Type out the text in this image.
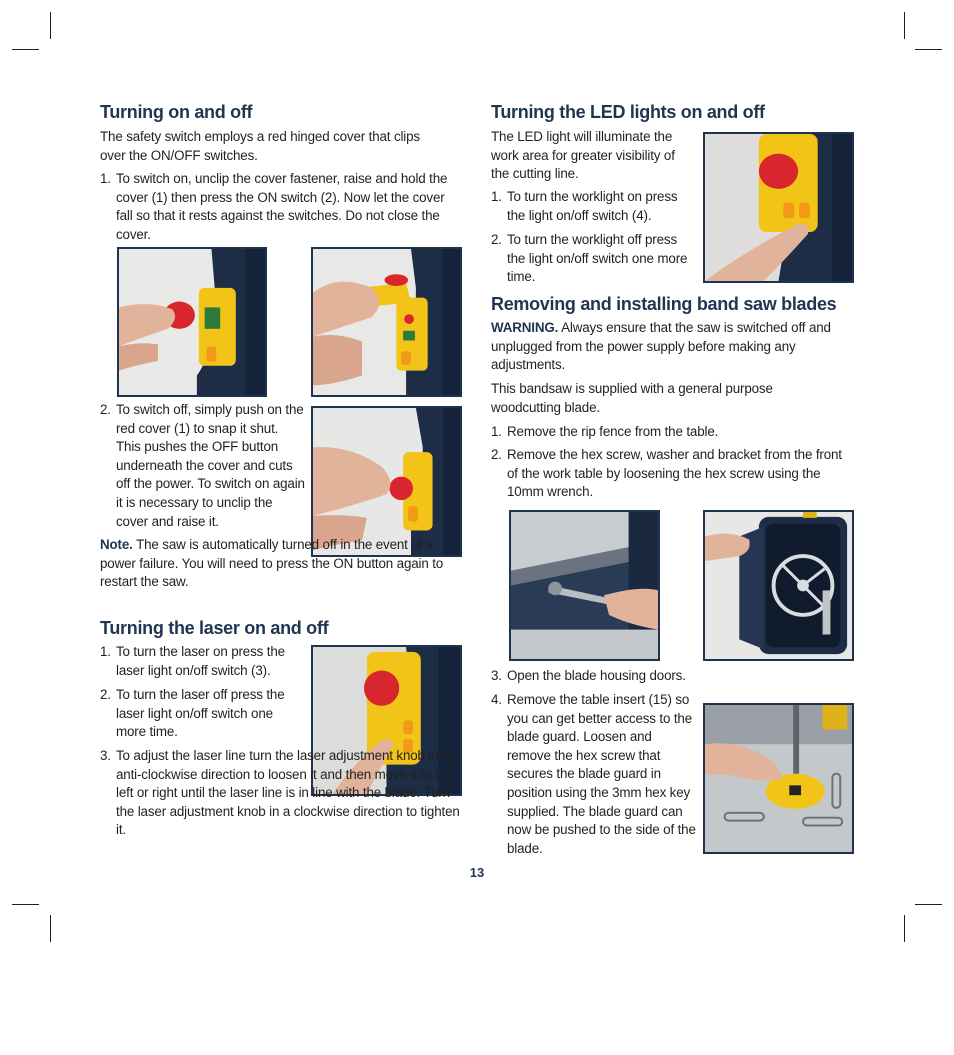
Turning on and off

The safety switch employs a red hinged cover that clips over the ON/OFF switches.

1. To switch on, unclip the cover fastener, raise and hold the cover (1) then press the ON switch (2). Now let the cover fall so that it rests against the switches. Do not close the cover.
2. To switch off, simply push on the red cover (1) to snap it shut. This pushes the OFF button underneath the cover and cuts off the power. To switch on again it is necessary to unclip the cover and raise it.

Note. The saw is automatically turned off in the event of a power failure. You will need to press the ON button again to restart the saw.

Turning the laser on and off
1. To turn the laser on press the laser light on/off switch (3).
2. To turn the laser off press the laser light on/off switch one more time.
3. To adjust the laser line turn the laser adjustment knob in an anti-clockwise direction to loosen it and then move it to the left or right until the laser line is in line with the blade. Turn the laser adjustment knob in a clockwise direction to tighten it.
Turning the LED lights on and off

The LED light will illuminate the work area for greater visibility of the cutting line.

1. To turn the worklight on press the light on/off switch (4).
2. To turn the worklight off press the light on/off switch one more time.
Removing and installing band saw blades

WARNING. Always ensure that the saw is switched off and unplugged from the power supply before making any adjustments.

This bandsaw is supplied with a general purpose woodcutting blade.

1. Remove the rip fence from the table.
2. Remove the hex screw, washer and bracket from the front of the work table by loosening the hex screw using the 10mm wrench.
3. Open the blade housing doors.
4. Remove the table insert (15) so you can get better access to the blade guard. Loosen and remove the hex screw that secures the blade guard in position using the 3mm hex key supplied. The blade guard can now be pushed to the side of the blade.
13
